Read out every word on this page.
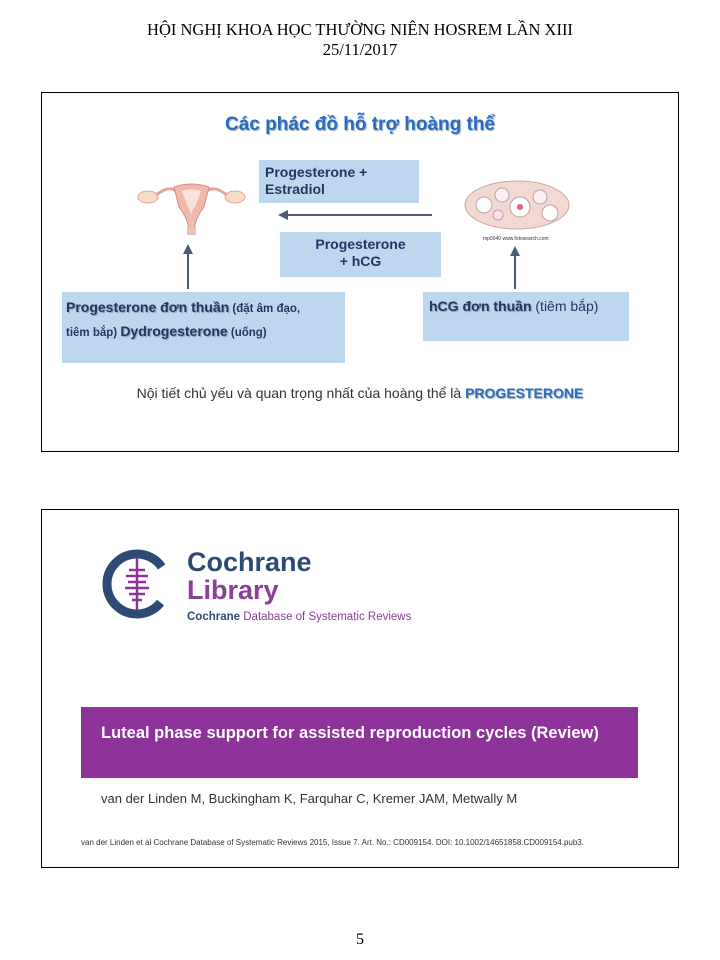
HỘI NGHỊ KHOA HỌC THƯỜNG NIÊN HOSREM LẦN XIII
25/11/2017
Các phác đồ hỗ trợ hoàng thể
mp0040 www.fotosearch.com
Progesterone + Estradiol
Progesterone
+ hCG
Progesterone đơn thuần (đặt âm đạo,
tiêm bắp) Dydrogesterone (uống)
hCG đơn thuần (tiêm bắp)
Nội tiết chủ yếu và quan trọng nhất của hoàng thể là PROGESTERONE
Cochrane
Library
Cochrane Database of Systematic Reviews
Luteal phase support for assisted reproduction cycles (Review)
van der Linden M, Buckingham K, Farquhar C, Kremer JAM, Metwally M
van der Linden et al Cochrane Database of Systematic Reviews 2015, Issue 7. Art. No.: CD009154. DOI: 10.1002/14651858.CD009154.pub3.
5
